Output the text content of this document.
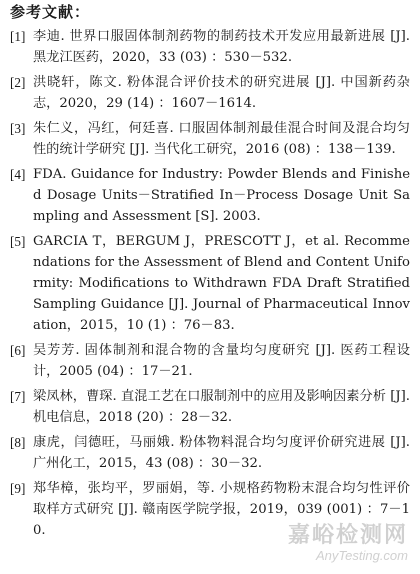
参考文献：
[1] 李迪. 世界口服固体制剂药物的制药技术开发应用最新进展 [J]. 黑龙江医药，2020，33 (03) ：530－532.
[2] 洪晓轩，陈文. 粉体混合评价技术的研究进展 [J]. 中国新药杂志，2020，29 (14) ：1607－1614.
[3] 朱仁义，冯红，何廷喜. 口服固体制剂最佳混合时间及混合均匀性的统计学研究 [J]. 当代化工研究，2016 (08) ：138－139.
[4] FDA. Guidance for Industry: Powder Blends and Finished Dosage Units－Stratified In－Process Dosage Unit Sampling and Assessment [S]. 2003.
[5] GARCIA T，BERGUM J，PRESCOTT J，et al. Recommendations for the Assessment of Blend and Content Uniformity: Modifications to Withdrawn FDA Draft Stratified Sampling Guidance [J]. Journal of Pharmaceutical Innovation，2015，10 (1) ：76－83.
[6] 吴芳芳. 固体制剂和混合物的含量均匀度研究 [J]. 医药工程设计，2005 (04) ：17－21.
[7] 梁凤林，曹琛. 直混工艺在口服制剂中的应用及影响因素分析 [J]. 机电信息，2018 (20) ：28－32.
[8] 康虎，闫德旺，马丽娥. 粉体物料混合均匀度评价研究进展 [J]. 广州化工，2015，43 (08) ：30－32.
[9] 郑华樟，张均平，罗丽娟，等. 小规格药物粉末混合均匀性评价取样方式研究 [J]. 赣南医学院学报，2019，039 (001) ：7－10.	嘉峪检测网
AnyTesting.com
